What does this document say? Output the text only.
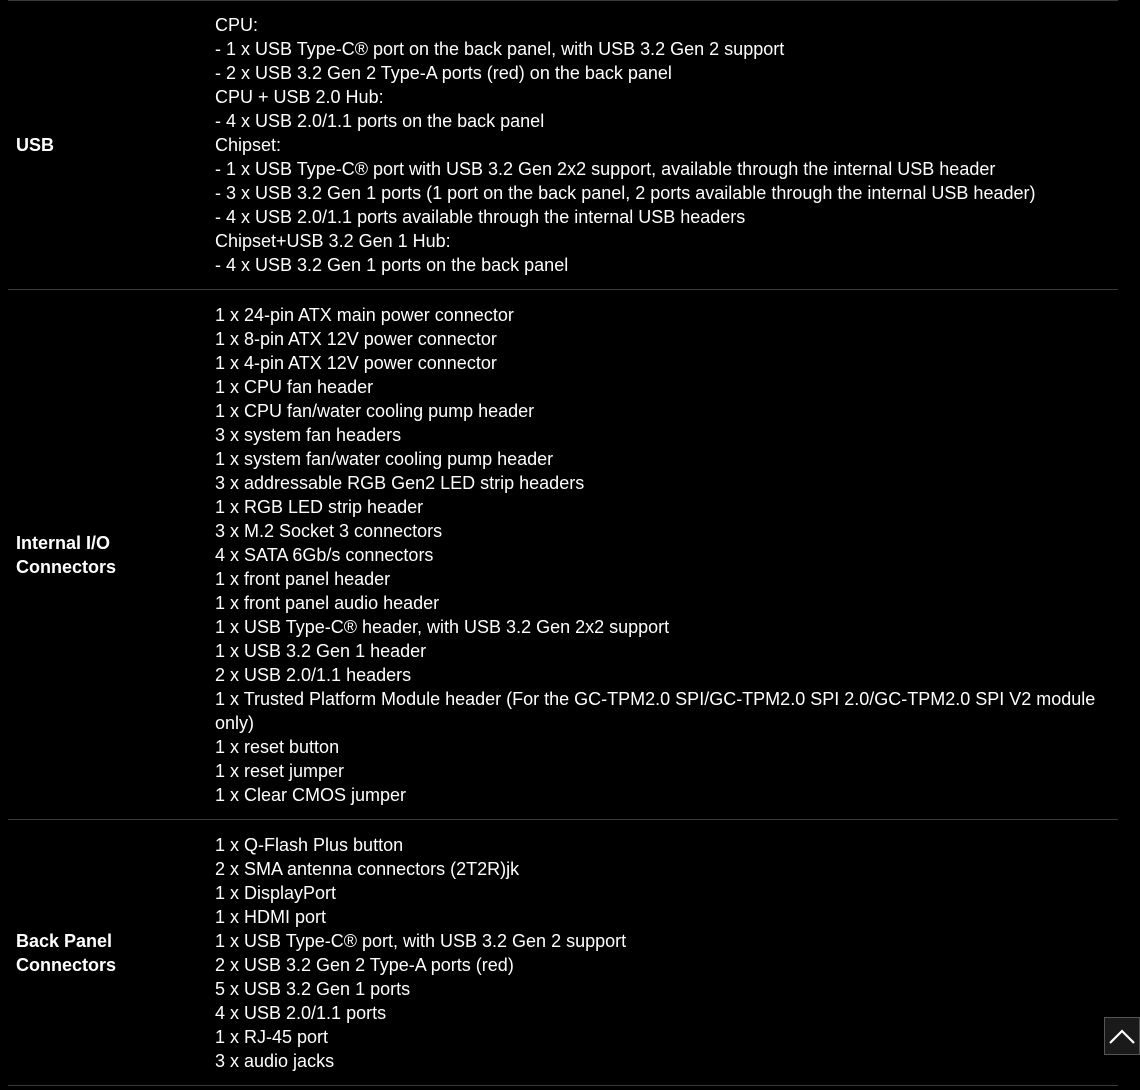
USB
CPU:
- 1 x USB Type-C® port on the back panel, with USB 3.2 Gen 2 support
- 2 x USB 3.2 Gen 2 Type-A ports (red) on the back panel
CPU + USB 2.0 Hub:
- 4 x USB 2.0/1.1 ports on the back panel
Chipset:
- 1 x USB Type-C® port with USB 3.2 Gen 2x2 support, available through the internal USB header
- 3 x USB 3.2 Gen 1 ports (1 port on the back panel, 2 ports available through the internal USB header)
- 4 x USB 2.0/1.1 ports available through the internal USB headers
Chipset+USB 3.2 Gen 1 Hub:
- 4 x USB 3.2 Gen 1 ports on the back panel
Internal I/O
Connectors
1 x 24-pin ATX main power connector
1 x 8-pin ATX 12V power connector
1 x 4-pin ATX 12V power connector
1 x CPU fan header
1 x CPU fan/water cooling pump header
3 x system fan headers
1 x system fan/water cooling pump header
3 x addressable RGB Gen2 LED strip headers
1 x RGB LED strip header
3 x M.2 Socket 3 connectors
4 x SATA 6Gb/s connectors
1 x front panel header
1 x front panel audio header
1 x USB Type-C® header, with USB 3.2 Gen 2x2 support
1 x USB 3.2 Gen 1 header
2 x USB 2.0/1.1 headers
1 x Trusted Platform Module header (For the GC-TPM2.0 SPI/GC-TPM2.0 SPI 2.0/GC-TPM2.0 SPI V2 module only)
1 x reset button
1 x reset jumper
1 x Clear CMOS jumper
Back Panel
Connectors
1 x Q-Flash Plus button
2 x SMA antenna connectors (2T2R)jk
1 x DisplayPort
1 x HDMI port
1 x USB Type-C® port, with USB 3.2 Gen 2 support
2 x USB 3.2 Gen 2 Type-A ports (red)
5 x USB 3.2 Gen 1 ports
4 x USB 2.0/1.1 ports
1 x RJ-45 port
3 x audio jacks
